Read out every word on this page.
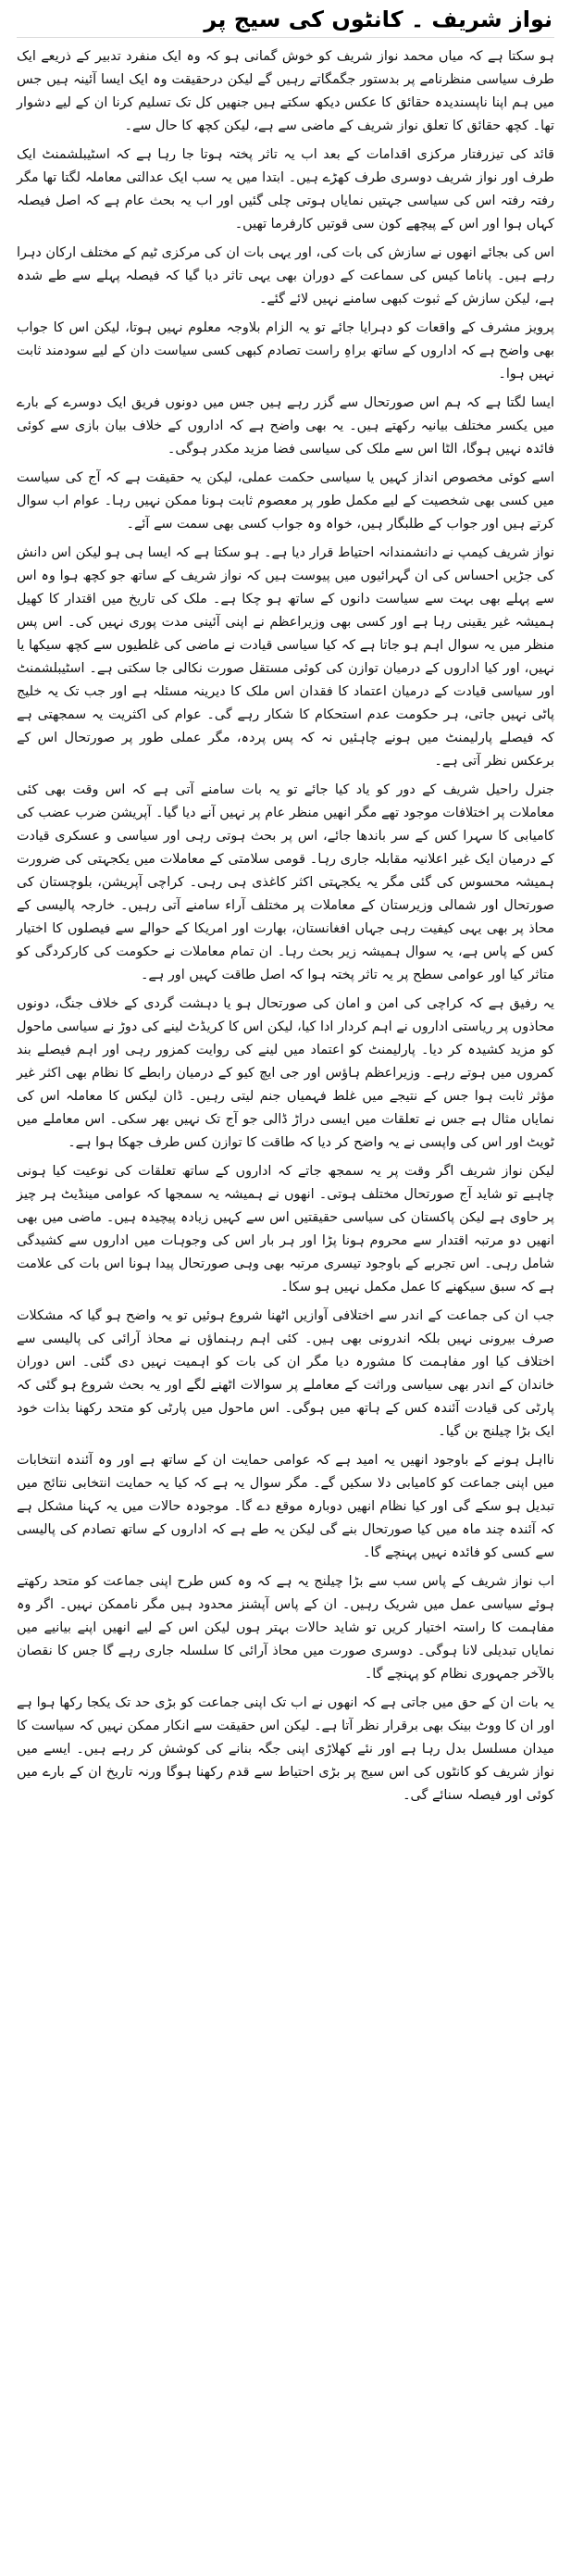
نواز شریف ۔ کانٹوں کی سیج پر

ہو سکتا ہے کہ میاں محمد نواز شریف کو خوش گمانی ہو کہ وہ ایک منفرد تدبیر کے ذریعے ایک طرف سیاسی منظرنامے پر بدستور جگمگاتے رہیں گے لیکن درحقیقت وہ ایک ایسا آئینہ ہیں جس میں ہم اپنا ناپسندیدہ حقائق کا عکس دیکھ سکتے ہیں جنھیں کل تک تسلیم کرنا ان کے لیے دشوار تھا۔ کچھ حقائق کا تعلق نواز شریف کے ماضی سے ہے، لیکن کچھ کا حال سے۔

قائد کی تیزرفتار مرکزی اقدامات کے بعد اب یہ تاثر پختہ ہوتا جا رہا ہے کہ اسٹیبلشمنٹ ایک طرف اور نواز شریف دوسری طرف کھڑے ہیں۔ ابتدا میں یہ سب ایک عدالتی معاملہ لگتا تھا مگر رفتہ رفتہ اس کی سیاسی جہتیں نمایاں ہوتی چلی گئیں اور اب یہ بحث عام ہے کہ اصل فیصلہ کہاں ہوا اور اس کے پیچھے کون سی قوتیں کارفرما تھیں۔

اس کی بجائے انھوں نے سازش کی بات کی، اور یہی بات ان کی مرکزی ٹیم کے مختلف ارکان دہرا رہے ہیں۔ پاناما کیس کی سماعت کے دوران بھی یہی تاثر دیا گیا کہ فیصلہ پہلے سے طے شدہ ہے، لیکن سازش کے ثبوت کبھی سامنے نہیں لائے گئے۔

پرویز مشرف کے واقعات کو دہرایا جائے تو یہ الزام بلاوجہ معلوم نہیں ہوتا، لیکن اس کا جواب بھی واضح ہے کہ اداروں کے ساتھ براہِ راست تصادم کبھی کسی سیاست دان کے لیے سودمند ثابت نہیں ہوا۔

ایسا لگتا ہے کہ ہم اس صورتحال سے گزر رہے ہیں جس میں دونوں فریق ایک دوسرے کے بارے میں یکسر مختلف بیانیہ رکھتے ہیں۔ یہ بھی واضح ہے کہ اداروں کے خلاف بیان بازی سے کوئی فائدہ نہیں ہوگا، الٹا اس سے ملک کی سیاسی فضا مزید مکدر ہوگی۔

اسے کوئی مخصوص انداز کہیں یا سیاسی حکمت عملی، لیکن یہ حقیقت ہے کہ آج کی سیاست میں کسی بھی شخصیت کے لیے مکمل طور پر معصوم ثابت ہونا ممکن نہیں رہا۔ عوام اب سوال کرتے ہیں اور جواب کے طلبگار ہیں، خواہ وہ جواب کسی بھی سمت سے آئے۔

نواز شریف کیمپ نے دانشمندانہ احتیاط قرار دیا ہے۔ ہو سکتا ہے کہ ایسا ہی ہو لیکن اس دانش کی جڑیں احساس کی ان گہرائیوں میں پیوست ہیں کہ نواز شریف کے ساتھ جو کچھ ہوا وہ اس سے پہلے بھی بہت سے سیاست دانوں کے ساتھ ہو چکا ہے۔ ملک کی تاریخ میں اقتدار کا کھیل ہمیشہ غیر یقینی رہا ہے اور کسی بھی وزیراعظم نے اپنی آئینی مدت پوری نہیں کی۔ اس پس منظر میں یہ سوال اہم ہو جاتا ہے کہ کیا سیاسی قیادت نے ماضی کی غلطیوں سے کچھ سیکھا یا نہیں، اور کیا اداروں کے درمیان توازن کی کوئی مستقل صورت نکالی جا سکتی ہے۔ اسٹیبلشمنٹ اور سیاسی قیادت کے درمیان اعتماد کا فقدان اس ملک کا دیرینہ مسئلہ ہے اور جب تک یہ خلیج پاٹی نہیں جاتی، ہر حکومت عدم استحکام کا شکار رہے گی۔ عوام کی اکثریت یہ سمجھتی ہے کہ فیصلے پارلیمنٹ میں ہونے چاہئیں نہ کہ پس پردہ، مگر عملی طور پر صورتحال اس کے برعکس نظر آتی ہے۔

جنرل راحیل شریف کے دور کو یاد کیا جائے تو یہ بات سامنے آتی ہے کہ اس وقت بھی کئی معاملات پر اختلافات موجود تھے مگر انھیں منظر عام پر نہیں آنے دیا گیا۔ آپریشن ضرب عضب کی کامیابی کا سہرا کس کے سر باندھا جائے، اس پر بحث ہوتی رہی اور سیاسی و عسکری قیادت کے درمیان ایک غیر اعلانیہ مقابلہ جاری رہا۔ قومی سلامتی کے معاملات میں یکجہتی کی ضرورت ہمیشہ محسوس کی گئی مگر یہ یکجہتی اکثر کاغذی ہی رہی۔ کراچی آپریشن، بلوچستان کی صورتحال اور شمالی وزیرستان کے معاملات پر مختلف آراء سامنے آتی رہیں۔ خارجہ پالیسی کے محاذ پر بھی یہی کیفیت رہی جہاں افغانستان، بھارت اور امریکا کے حوالے سے فیصلوں کا اختیار کس کے پاس ہے، یہ سوال ہمیشہ زیر بحث رہا۔ ان تمام معاملات نے حکومت کی کارکردگی کو متاثر کیا اور عوامی سطح پر یہ تاثر پختہ ہوا کہ اصل طاقت کہیں اور ہے۔

یہ رفیق ہے کہ کراچی کی امن و امان کی صورتحال ہو یا دہشت گردی کے خلاف جنگ، دونوں محاذوں پر ریاستی اداروں نے اہم کردار ادا کیا، لیکن اس کا کریڈٹ لینے کی دوڑ نے سیاسی ماحول کو مزید کشیدہ کر دیا۔ پارلیمنٹ کو اعتماد میں لینے کی روایت کمزور رہی اور اہم فیصلے بند کمروں میں ہوتے رہے۔ وزیراعظم ہاؤس اور جی ایچ کیو کے درمیان رابطے کا نظام بھی اکثر غیر مؤثر ثابت ہوا جس کے نتیجے میں غلط فہمیاں جنم لیتی رہیں۔ ڈان لیکس کا معاملہ اس کی نمایاں مثال ہے جس نے تعلقات میں ایسی دراڑ ڈالی جو آج تک نہیں بھر سکی۔ اس معاملے میں ٹویٹ اور اس کی واپسی نے یہ واضح کر دیا کہ طاقت کا توازن کس طرف جھکا ہوا ہے۔

لیکن نواز شریف اگر وقت پر یہ سمجھ جاتے کہ اداروں کے ساتھ تعلقات کی نوعیت کیا ہونی چاہیے تو شاید آج صورتحال مختلف ہوتی۔ انھوں نے ہمیشہ یہ سمجھا کہ عوامی مینڈیٹ ہر چیز پر حاوی ہے لیکن پاکستان کی سیاسی حقیقتیں اس سے کہیں زیادہ پیچیدہ ہیں۔ ماضی میں بھی انھیں دو مرتبہ اقتدار سے محروم ہونا پڑا اور ہر بار اس کی وجوہات میں اداروں سے کشیدگی شامل رہی۔ اس تجربے کے باوجود تیسری مرتبہ بھی وہی صورتحال پیدا ہونا اس بات کی علامت ہے کہ سبق سیکھنے کا عمل مکمل نہیں ہو سکا۔

جب ان کی جماعت کے اندر سے اختلافی آوازیں اٹھنا شروع ہوئیں تو یہ واضح ہو گیا کہ مشکلات صرف بیرونی نہیں بلکہ اندرونی بھی ہیں۔ کئی اہم رہنماؤں نے محاذ آرائی کی پالیسی سے اختلاف کیا اور مفاہمت کا مشورہ دیا مگر ان کی بات کو اہمیت نہیں دی گئی۔ اس دوران خاندان کے اندر بھی سیاسی وراثت کے معاملے پر سوالات اٹھنے لگے اور یہ بحث شروع ہو گئی کہ پارٹی کی قیادت آئندہ کس کے ہاتھ میں ہوگی۔ اس ماحول میں پارٹی کو متحد رکھنا بذات خود ایک بڑا چیلنج بن گیا۔

نااہل ہونے کے باوجود انھیں یہ امید ہے کہ عوامی حمایت ان کے ساتھ ہے اور وہ آئندہ انتخابات میں اپنی جماعت کو کامیابی دلا سکیں گے۔ مگر سوال یہ ہے کہ کیا یہ حمایت انتخابی نتائج میں تبدیل ہو سکے گی اور کیا نظام انھیں دوبارہ موقع دے گا۔ موجودہ حالات میں یہ کہنا مشکل ہے کہ آئندہ چند ماہ میں کیا صورتحال بنے گی لیکن یہ طے ہے کہ اداروں کے ساتھ تصادم کی پالیسی سے کسی کو فائدہ نہیں پہنچے گا۔

اب نواز شریف کے پاس سب سے بڑا چیلنج یہ ہے کہ وہ کس طرح اپنی جماعت کو متحد رکھتے ہوئے سیاسی عمل میں شریک رہیں۔ ان کے پاس آپشنز محدود ہیں مگر ناممکن نہیں۔ اگر وہ مفاہمت کا راستہ اختیار کریں تو شاید حالات بہتر ہوں لیکن اس کے لیے انھیں اپنے بیانیے میں نمایاں تبدیلی لانا ہوگی۔ دوسری صورت میں محاذ آرائی کا سلسلہ جاری رہے گا جس کا نقصان بالآخر جمہوری نظام کو پہنچے گا۔

یہ بات ان کے حق میں جاتی ہے کہ انھوں نے اب تک اپنی جماعت کو بڑی حد تک یکجا رکھا ہوا ہے اور ان کا ووٹ بینک بھی برقرار نظر آتا ہے۔ لیکن اس حقیقت سے انکار ممکن نہیں کہ سیاست کا میدان مسلسل بدل رہا ہے اور نئے کھلاڑی اپنی جگہ بنانے کی کوشش کر رہے ہیں۔ ایسے میں نواز شریف کو کانٹوں کی اس سیج پر بڑی احتیاط سے قدم رکھنا ہوگا ورنہ تاریخ ان کے بارے میں کوئی اور فیصلہ سنائے گی۔
